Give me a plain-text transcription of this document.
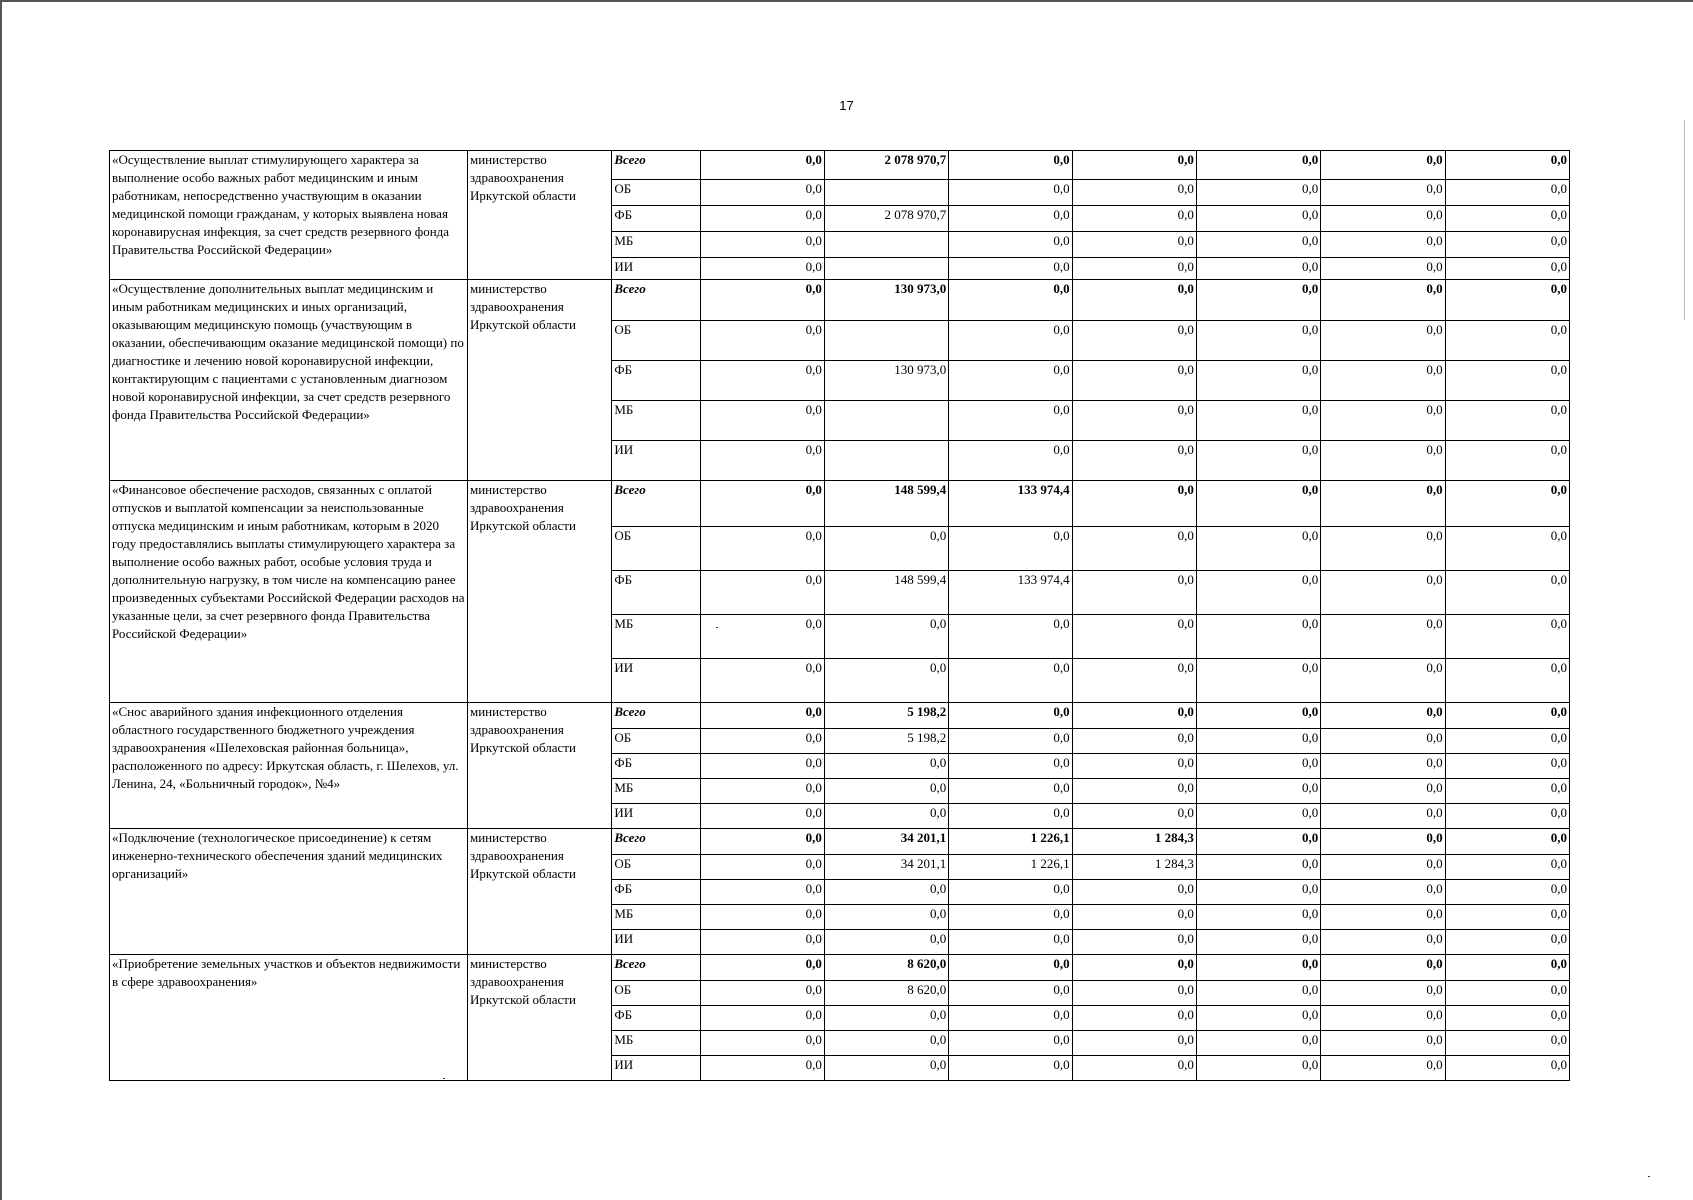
17
«Осуществление выплат стимулирующего характера за выполнение особо важных работ медицинским и иным работникам, непосредственно участвующим в оказании медицинской помощи гражданам, у которых выявлена новая коронавирусная инфекция, за счет средств резервного фонда Правительства Российской Федерации»	министерство здравоохранения Иркутской области	Всего	0,0	2 078 970,7	0,0	0,0	0,0	0,0	0,0
		ОБ	0,0		0,0	0,0	0,0	0,0	0,0
		ФБ	0,0	2 078 970,7	0,0	0,0	0,0	0,0	0,0
		МБ	0,0		0,0	0,0	0,0	0,0	0,0
		ИИ	0,0		0,0	0,0	0,0	0,0	0,0
«Осуществление дополнительных выплат медицинским и иным работникам медицинских и иных организаций, оказывающим медицинскую помощь (участвующим в оказании, обеспечивающим оказание медицинской помощи) по диагностике и лечению новой коронавирусной инфекции, контактирующим с пациентами с установленным диагнозом новой коронавирусной инфекции, за счет средств резервного фонда Правительства Российской Федерации»	министерство здравоохранения Иркутской области	Всего	0,0	130 973,0	0,0	0,0	0,0	0,0	0,0
		ОБ	0,0		0,0	0,0	0,0	0,0	0,0
		ФБ	0,0	130 973,0	0,0	0,0	0,0	0,0	0,0
		МБ	0,0		0,0	0,0	0,0	0,0	0,0
		ИИ	0,0		0,0	0,0	0,0	0,0	0,0
«Финансовое обеспечение расходов, связанных с оплатой отпусков и выплатой компенсации за неиспользованные отпуска медицинским и иным работникам, которым в 2020 году предоставлялись выплаты стимулирующего характера за выполнение особо важных работ, особые условия труда и дополнительную нагрузку, в том числе на компенсацию ранее произведенных субъектами Российской Федерации расходов на указанные цели, за счет резервного фонда Правительства Российской Федерации»	министерство здравоохранения Иркутской области	Всего	0,0	148 599,4	133 974,4	0,0	0,0	0,0	0,0
		ОБ	0,0	0,0	0,0	0,0	0,0	0,0	0,0
		ФБ	0,0	148 599,4	133 974,4	0,0	0,0	0,0	0,0
		МБ	0,0	0,0	0,0	0,0	0,0	0,0	0,0
		ИИ	0,0	0,0	0,0	0,0	0,0	0,0	0,0
«Снос аварийного здания инфекционного отделения областного государственного бюджетного учреждения здравоохранения «Шелеховская районная больница», расположенного по адресу: Иркутская область, г. Шелехов, ул. Ленина, 24, «Больничный городок», №4»	министерство здравоохранения Иркутской области	Всего	0,0	5 198,2	0,0	0,0	0,0	0,0	0,0
		ОБ	0,0	5 198,2	0,0	0,0	0,0	0,0	0,0
		ФБ	0,0	0,0	0,0	0,0	0,0	0,0	0,0
		МБ	0,0	0,0	0,0	0,0	0,0	0,0	0,0
		ИИ	0,0	0,0	0,0	0,0	0,0	0,0	0,0
«Подключение (технологическое присоединение) к сетям инженерно-технического обеспечения зданий медицинских организаций»	министерство здравоохранения Иркутской области	Всего	0,0	34 201,1	1 226,1	1 284,3	0,0	0,0	0,0
		ОБ	0,0	34 201,1	1 226,1	1 284,3	0,0	0,0	0,0
		ФБ	0,0	0,0	0,0	0,0	0,0	0,0	0,0
		МБ	0,0	0,0	0,0	0,0	0,0	0,0	0,0
		ИИ	0,0	0,0	0,0	0,0	0,0	0,0	0,0
«Приобретение земельных участков и объектов недвижимости в сфере здравоохранения»	министерство здравоохранения Иркутской области	Всего	0,0	8 620,0	0,0	0,0	0,0	0,0	0,0
		ОБ	0,0	8 620,0	0,0	0,0	0,0	0,0	0,0
		ФБ	0,0	0,0	0,0	0,0	0,0	0,0	0,0
		МБ	0,0	0,0	0,0	0,0	0,0	0,0	0,0
		ИИ	0,0	0,0	0,0	0,0	0,0	0,0	0,0
